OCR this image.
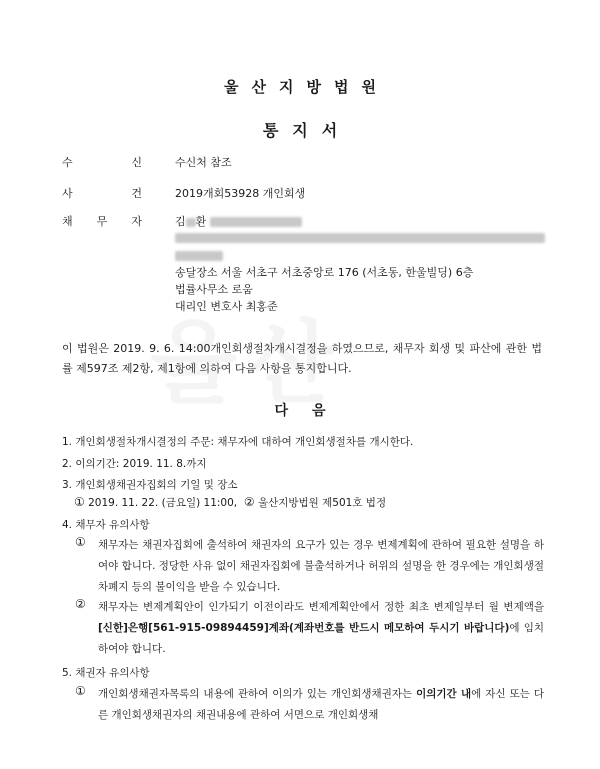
울산지방법원
통지서
수	신	수신처 참조
사	건	2019개회53928 개인회생
채 무 자	김 환
송달장소 서울 서초구 서초중앙로 176 (서초동, 한울빌딩) 6층
법률사무소 로움
대리인 변호사 최홍준
이 법원은 2019. 9. 6. 14:00개인회생절차개시결정을 하였으므로, 채무자 회생 및 파산에 관한 법률 제597조 제2항, 제1항에 의하여 다음 사항을 통지합니다.
다음
1. 개인회생절차개시결정의 주문: 채무자에 대하여 개인회생절차를 개시한다.
2. 이의기간: 2019. 11. 8.까지
3. 개인회생채권자집회의 기일 및 장소
① 2019. 11. 22. (금요일) 11:00, ② 울산지방법원 제501호 법정
4. 채무자 유의사항
① 채무자는 채권자집회에 출석하여 채권자의 요구가 있는 경우 변제계획에 관하여 필요한 설명을 하여야 합니다. 정당한 사유 없이 채권자집회에 불출석하거나 허위의 설명을 한 경우에는 개인회생절차폐지 등의 불이익을 받을 수 있습니다.
② 채무자는 변제계획안이 인가되기 이전이라도 변제계획안에서 정한 최초 변제일부터 월 변제액을 [신한]은행[561-915-09894459]계좌(계좌번호를 반드시 메모하여 두시기 바랍니다)에 임치하여야 합니다.
5. 채권자 유의사항
① 개인회생채권자목록의 내용에 관하여 이의가 있는 개인회생채권자는 이의기간 내에 자신 또는 다른 개인회생채권자의 채권내용에 관하여 서면으로 개인회생채
